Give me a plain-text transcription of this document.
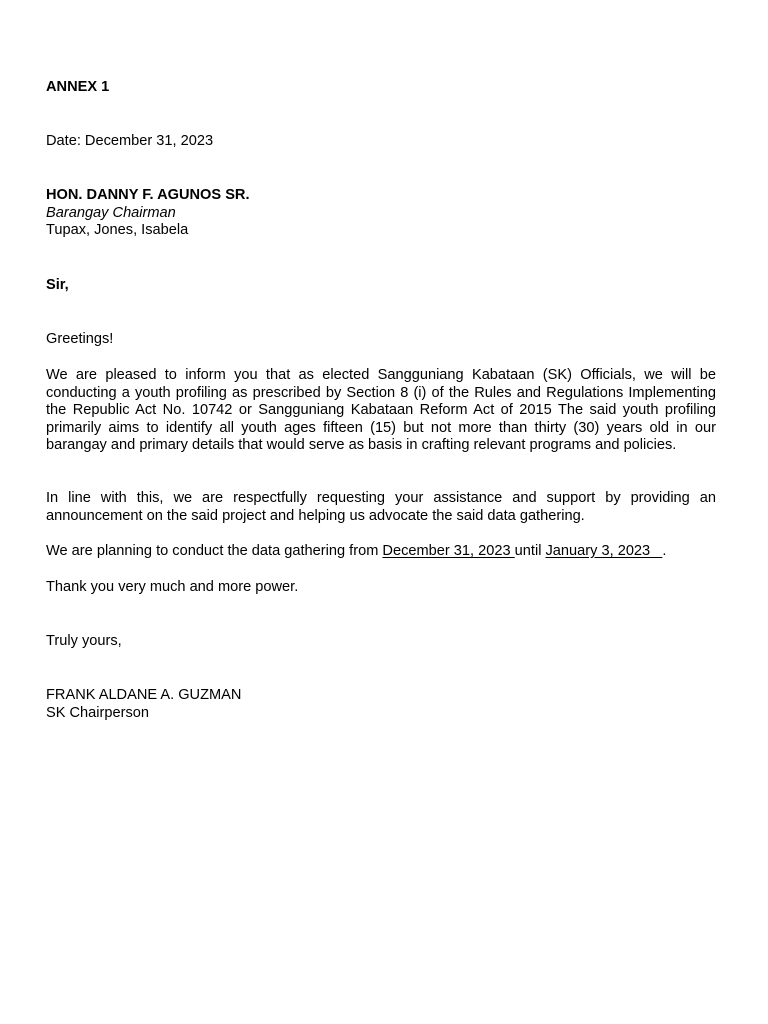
ANNEX 1

Date: December 31, 2023

HON. DANNY F. AGUNOS SR.
Barangay Chairman
Tupax, Jones, Isabela

Sir,

Greetings!

We are pleased to inform you that as elected Sangguniang Kabataan (SK) Officials, we will be conducting a youth profiling as prescribed by Section 8 (i) of the Rules and Regulations Implementing the Republic Act No. 10742 or Sangguniang Kabataan Reform Act of 2015 The said youth profiling primarily aims to identify all youth ages fifteen (15) but not more than thirty (30) years old in our barangay and primary details that would serve as basis in crafting relevant programs and policies.

In line with this, we are respectfully requesting your assistance and support by providing an announcement on the said project and helping us advocate the said data gathering.

We are planning to conduct the data gathering from December 31, 2023 until January 3, 2023   .

Thank you very much and more power.

Truly yours,

FRANK ALDANE A. GUZMAN
SK Chairperson
